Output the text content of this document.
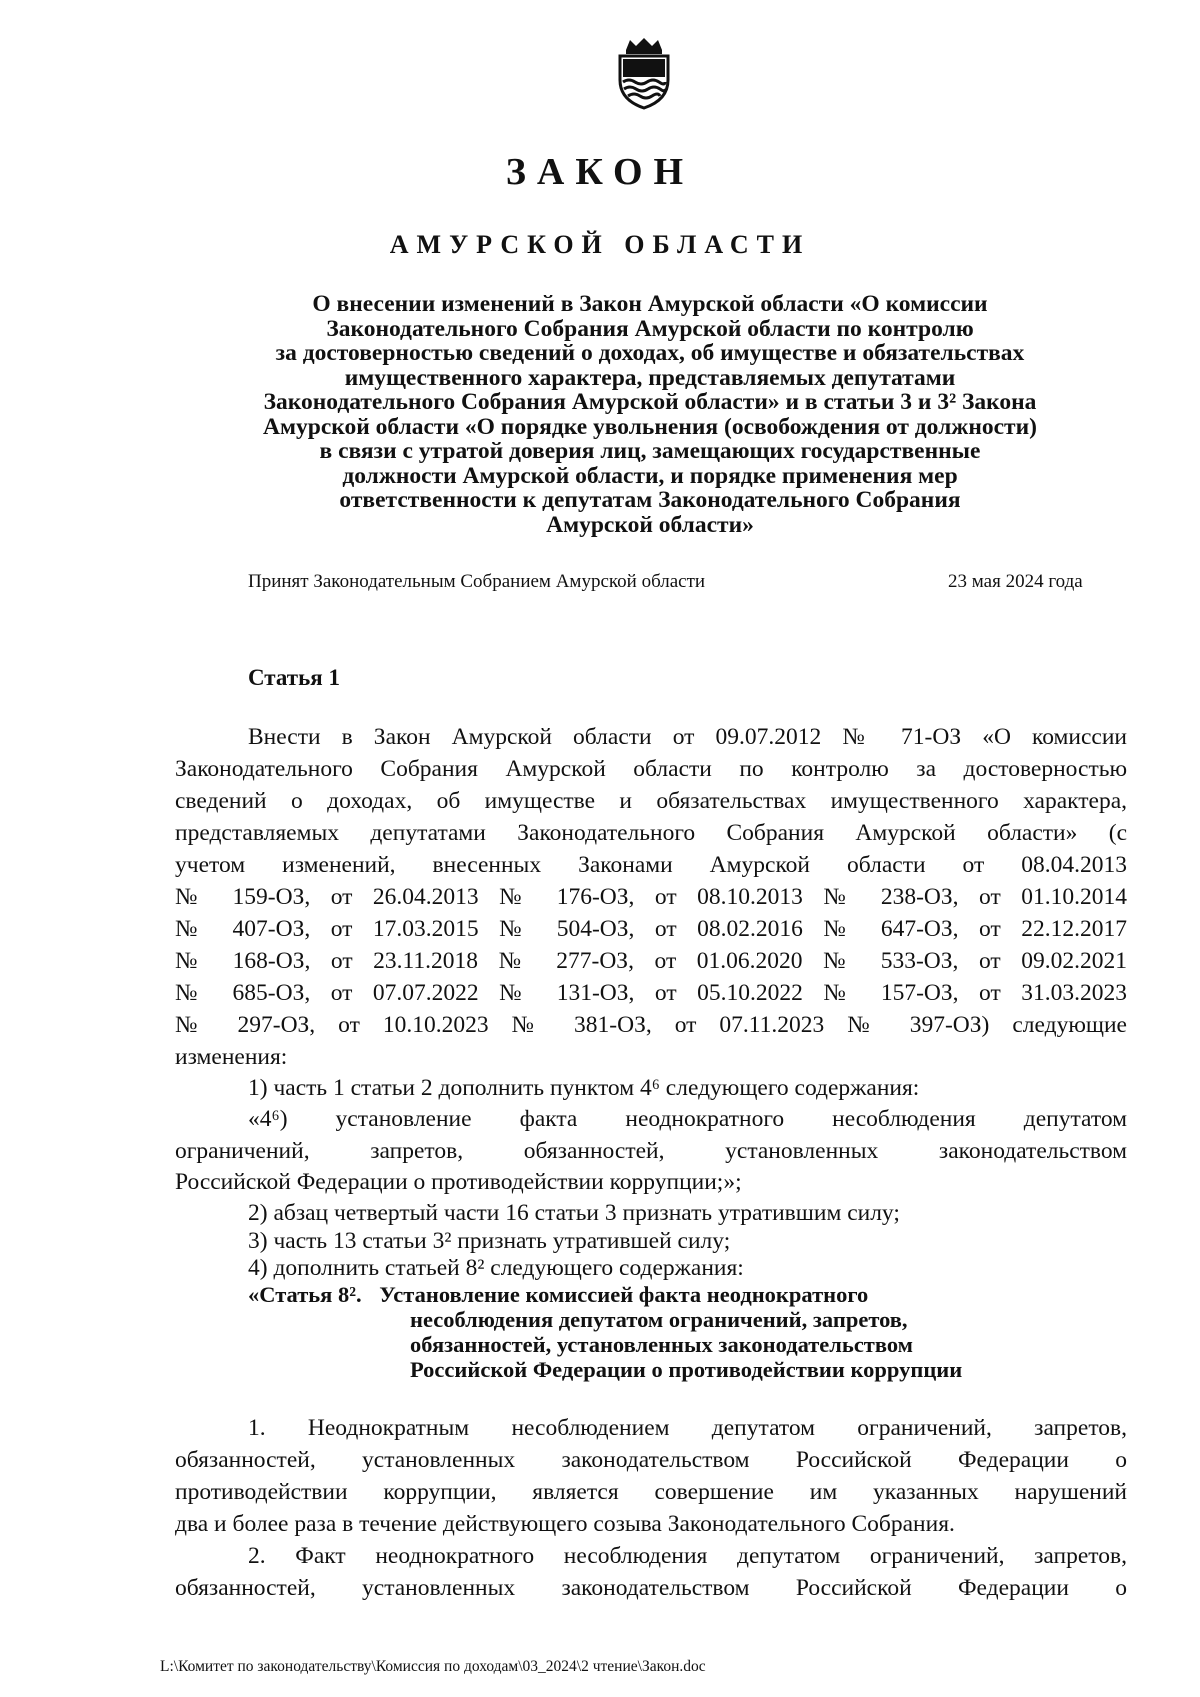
ЗАКОН
АМУРСКОЙ ОБЛАСТИ
О внесении изменений в Закон Амурской области «О комиссии
Законодательного Собрания Амурской области по контролю
за достоверностью сведений о доходах, об имуществе и обязательствах
имущественного характера, представляемых депутатами
Законодательного Собрания Амурской области» и в статьи 3 и 3² Закона
Амурской области «О порядке увольнения (освобождения от должности)
в связи с утратой доверия лиц, замещающих государственные
должности Амурской области, и порядке применения мер
ответственности к депутатам Законодательного Собрания
Амурской области»
Принят Законодательным Собранием Амурской области	23 мая 2024 года
Статья 1
Внести в Закон Амурской области от 09.07.2012 № 71-ОЗ «О комиссии
Законодательного Собрания Амурской области по контролю за достоверностью
сведений о доходах, об имуществе и обязательствах имущественного характера,
представляемых депутатами Законодательного Собрания Амурской области» (с
учетом изменений, внесенных Законами Амурской области от 08.04.2013
№ 159-ОЗ, от 26.04.2013 № 176-ОЗ, от 08.10.2013 № 238-ОЗ, от 01.10.2014
№ 407-ОЗ, от 17.03.2015 № 504-ОЗ, от 08.02.2016 № 647-ОЗ, от 22.12.2017
№ 168-ОЗ, от 23.11.2018 № 277-ОЗ, от 01.06.2020 № 533-ОЗ, от 09.02.2021
№ 685-ОЗ, от 07.07.2022 № 131-ОЗ, от 05.10.2022 № 157-ОЗ, от 31.03.2023
№ 297-ОЗ, от 10.10.2023 № 381-ОЗ, от 07.11.2023 № 397-ОЗ) следующие
изменения:
1) часть 1 статьи 2 дополнить пунктом 4⁶ следующего содержания:
«4⁶) установление факта неоднократного несоблюдения депутатом
ограничений, запретов, обязанностей, установленных законодательством
Российской Федерации о противодействии коррупции;»;
2) абзац четвертый части 16 статьи 3 признать утратившим силу;
3) часть 13 статьи 3² признать утратившей силу;
4) дополнить статьей 8² следующего содержания:
«Статья 8². Установление комиссией факта неоднократного
несоблюдения депутатом ограничений, запретов,
обязанностей, установленных законодательством
Российской Федерации о противодействии коррупции
1. Неоднократным несоблюдением депутатом ограничений, запретов,
обязанностей, установленных законодательством Российской Федерации о
противодействии коррупции, является совершение им указанных нарушений
два и более раза в течение действующего созыва Законодательного Собрания.
2. Факт неоднократного несоблюдения депутатом ограничений, запретов,
обязанностей, установленных законодательством Российской Федерации о
L:\Комитет по законодательству\Комиссия по доходам\03_2024\2 чтение\Закон.doc
